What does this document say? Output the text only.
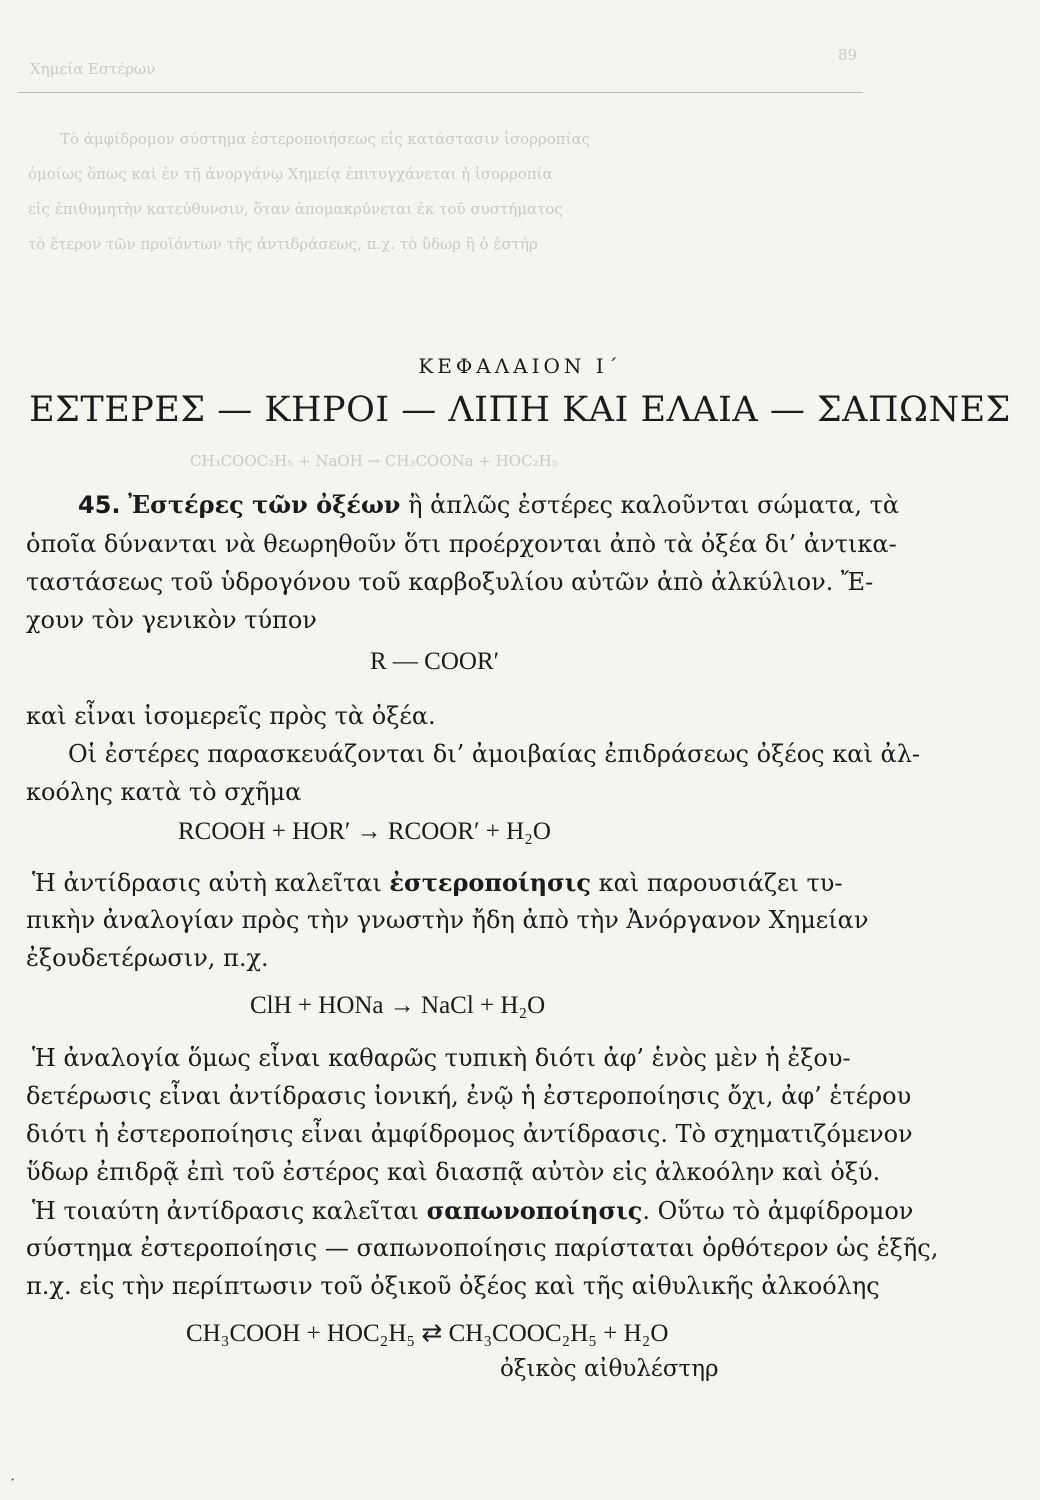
Χημεία Εστέρων
89
Τὸ ἀμφίδρομον σύστημα ἐστεροποιήσεως εἰς κατάστασιν ἰσορροπίας
ὁμοίως ὅπως καὶ ἐν τῇ ἀνοργάνῳ Χημείᾳ ἐπιτυγχάνεται ἡ ἰσορροπία
εἰς ἐπιθυμητὴν κατεύθυνσιν, ὅταν ἀπομακρύνεται ἐκ τοῦ συστήματος
τὸ ἕτερον τῶν προϊόντων τῆς ἀντιδράσεως, π.χ. τὸ ὕδωρ ἢ ὁ ἐστήρ
CH₃COOC₂H₅ + NaOH → CH₃COONa + HOC₂H₅
ΚΕΦΑΛΑΙΟΝ Ι΄
ΕΣΤΕΡΕΣ — ΚΗΡΟΙ — ΛΙΠΗ ΚΑΙ ΕΛΑΙΑ — ΣΑΠΩΝΕΣ
45. Ἐστέρες τῶν ὀξέων ἢ ἁπλῶς ἐστέρες καλοῦνται σώματα, τὰ
ὁποῖα δύνανται νὰ θεωρηθοῦν ὅτι προέρχονται ἀπὸ τὰ ὀξέα δι’ ἀντικα-
ταστάσεως τοῦ ὑδρογόνου τοῦ καρβοξυλίου αὐτῶν ἀπὸ ἀλκύλιον. Ἔ-
χουν τὸν γενικὸν τύπον
R — COOR′
καὶ εἶναι ἰσομερεῖς πρὸς τὰ ὀξέα.
Οἱ ἐστέρες παρασκευάζονται δι’ ἀμοιβαίας ἐπιδράσεως ὀξέος καὶ ἀλ-
κοόλης κατὰ τὸ σχῆμα
RCOOH + HOR′ → RCOOR′ + H₂O
Ἡ ἀντίδρασις αὐτὴ καλεῖται ἐστεροποίησις καὶ παρουσιάζει τυ-
πικὴν ἀναλογίαν πρὸς τὴν γνωστὴν ἤδη ἀπὸ τὴν Ἀνόργανον Χημείαν
ἐξουδετέρωσιν, π.χ.
ClH + HONa → NaCl + H₂O
Ἡ ἀναλογία ὅμως εἶναι καθαρῶς τυπικὴ διότι ἀφ’ ἑνὸς μὲν ἡ ἐξου-
δετέρωσις εἶναι ἀντίδρασις ἰονική, ἐνῷ ἡ ἐστεροποίησις ὄχι, ἀφ’ ἑτέρου
διότι ἡ ἐστεροποίησις εἶναι ἀμφίδρομος ἀντίδρασις. Τὸ σχηματιζόμενον
ὕδωρ ἐπιδρᾷ ἐπὶ τοῦ ἐστέρος καὶ διασπᾷ αὐτὸν εἰς ἀλκοόλην καὶ ὀξύ.
Ἡ τοιαύτη ἀντίδρασις καλεῖται σαπωνοποίησις. Οὕτω τὸ ἀμφίδρομον
σύστημα ἐστεροποίησις — σαπωνοποίησις παρίσταται ὀρθότερον ὡς ἑξῆς,
π.χ. εἰς τὴν περίπτωσιν τοῦ ὀξικοῦ ὀξέος καὶ τῆς αἰθυλικῆς ἀλκοόλης
CH₃COOH + HOC₂H₅ ⇄ CH₃COOC₂H₅ + H₂O
ὀξικὸς αἰθυλέστηρ
·
